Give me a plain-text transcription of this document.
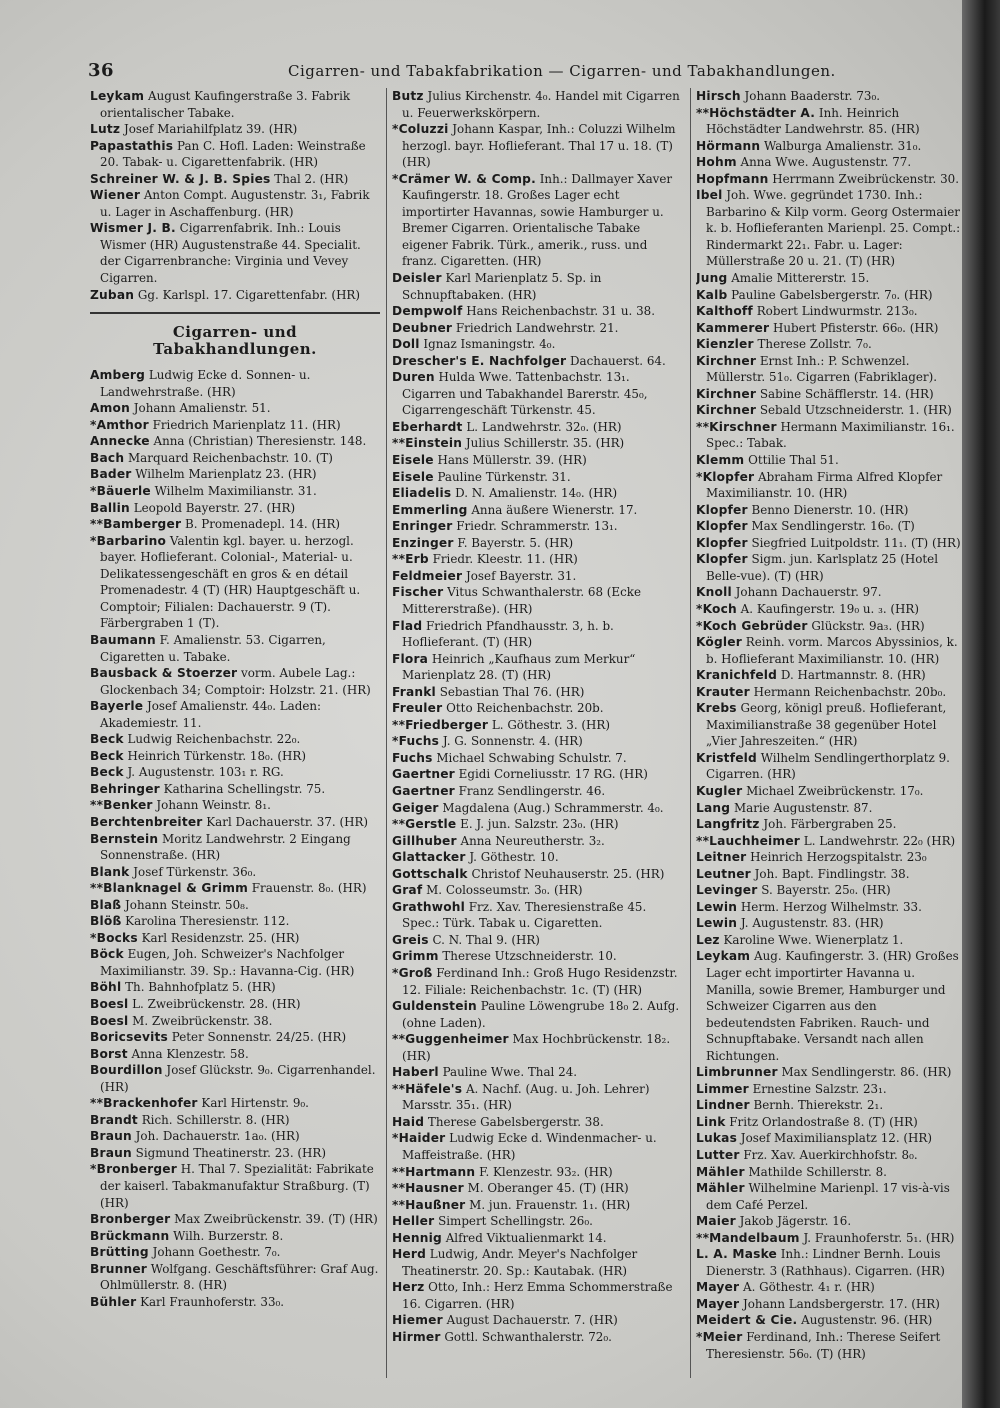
36	Cigarren- und Tabakfabrikation — Cigarren- und Tabakhandlungen.

Leykam August Kaufingerstraße 3. Fabrik orientalischer Tabake.

Lutz Josef Mariahilfplatz 39. (HR)

Papastathis Pan C. Hofl. Laden: Weinstraße 20. Tabak- u. Cigarettenfabrik. (HR)

Schreiner W. & J. B. Spies Thal 2. (HR)

Wiener Anton Compt. Augustenstr. 3₁, Fabrik u. Lager in Aschaffenburg. (HR)

Wismer J. B. Cigarrenfabrik. Inh.: Louis Wismer (HR) Augustenstraße 44. Specialit. der Cigarrenbranche: Virginia und Vevey Cigarren.

Zuban Gg. Karlspl. 17. Cigarettenfabr. (HR)

Cigarren- und Tabakhandlungen.

Amberg Ludwig Ecke d. Sonnen- u. Landwehrstraße. (HR)

Amon Johann Amalienstr. 51.

*Amthor Friedrich Marienplatz 11. (HR)

Annecke Anna (Christian) Theresienstr. 148.

Bach Marquard Reichenbachstr. 10. (T)

Bader Wilhelm Marienplatz 23. (HR)

*Bäuerle Wilhelm Maximilianstr. 31.

Ballin Leopold Bayerstr. 27. (HR)

**Bamberger B. Promenadepl. 14. (HR)

*Barbarino Valentin kgl. bayer. u. herzogl. bayer. Hoflieferant. Colonial-, Material- u. Delikatessengeschäft en gros & en détail Promenadestr. 4 (T) (HR) Hauptgeschäft u. Comptoir; Filialen: Dachauerstr. 9 (T). Färbergraben 1 (T).

Baumann F. Amalienstr. 53. Cigarren, Cigaretten u. Tabake.

Bausback & Stoerzer vorm. Aubele Lag.: Glockenbach 34; Comptoir: Holzstr. 21. (HR)

Bayerle Josef Amalienstr. 44₀. Laden: Akademiestr. 11.

Beck Ludwig Reichenbachstr. 22₀.

Beck Heinrich Türkenstr. 18₀. (HR)

Beck J. Augustenstr. 103₁ r. RG.

Behringer Katharina Schellingstr. 75.

**Benker Johann Weinstr. 8₁.

Berchtenbreiter Karl Dachauerstr. 37. (HR)

Bernstein Moritz Landwehrstr. 2 Eingang Sonnenstraße. (HR)

Blank Josef Türkenstr. 36₀.

**Blanknagel & Grimm Frauenstr. 8₀. (HR)

Blaß Johann Steinstr. 50₈.

Blöß Karolina Theresienstr. 112.

*Bocks Karl Residenzstr. 25. (HR)

Böck Eugen, Joh. Schweizer's Nachfolger Maximilianstr. 39. Sp.: Havanna-Cig. (HR)

Böhl Th. Bahnhofplatz 5. (HR)

Boesl L. Zweibrückenstr. 28. (HR)

Boesl M. Zweibrückenstr. 38.

Boricsevits Peter Sonnenstr. 24/25. (HR)

Borst Anna Klenzestr. 58.

Bourdillon Josef Glückstr. 9₀. Cigarrenhandel. (HR)

**Brackenhofer Karl Hirtenstr. 9₀.

Brandt Rich. Schillerstr. 8. (HR)

Braun Joh. Dachauerstr. 1a₀. (HR)

Braun Sigmund Theatinerstr. 23. (HR)

*Bronberger H. Thal 7. Spezialität: Fabrikate der kaiserl. Tabakmanufaktur Straßburg. (T) (HR)

Bronberger Max Zweibrückenstr. 39. (T) (HR)

Brückmann Wilh. Burzerstr. 8.

Brütting Johann Goethestr. 7₀.

Brunner Wolfgang. Geschäftsführer: Graf Aug. Ohlmüllerstr. 8. (HR)

Bühler Karl Fraunhoferstr. 33₀.

Butz Julius Kirchenstr. 4₀. Handel mit Cigarren u. Feuerwerkskörpern.

*Coluzzi Johann Kaspar, Inh.: Coluzzi Wilhelm herzogl. bayr. Hoflieferant. Thal 17 u. 18. (T) (HR)

*Crämer W. & Comp. Inh.: Dallmayer Xaver Kaufingerstr. 18. Großes Lager echt importirter Havannas, sowie Hamburger u. Bremer Cigarren. Orientalische Tabake eigener Fabrik. Türk., amerik., russ. und franz. Cigaretten. (HR)

Deisler Karl Marienplatz 5. Sp. in Schnupftabaken. (HR)

Dempwolf Hans Reichenbachstr. 31 u. 38.

Deubner Friedrich Landwehrstr. 21.

Doll Ignaz Ismaningstr. 4₀.

Drescher's E. Nachfolger Dachauerst. 64.

Duren Hulda Wwe. Tattenbachstr. 13₁. Cigarren und Tabakhandel Barerstr. 45₀, Cigarrengeschäft Türkenstr. 45.

Eberhardt L. Landwehrstr. 32₀. (HR)

**Einstein Julius Schillerstr. 35. (HR)

Eisele Hans Müllerstr. 39. (HR)

Eisele Pauline Türkenstr. 31.

Eliadelis D. N. Amalienstr. 14₀. (HR)

Emmerling Anna äußere Wienerstr. 17.

Enringer Friedr. Schrammerstr. 13₁.

Enzinger F. Bayerstr. 5. (HR)

**Erb Friedr. Kleestr. 11. (HR)

Feldmeier Josef Bayerstr. 31.

Fischer Vitus Schwanthalerstr. 68 (Ecke Mittererstraße). (HR)

Flad Friedrich Pfandhausstr. 3, h. b. Hoflieferant. (T) (HR)

Flora Heinrich „Kaufhaus zum Merkur“ Marienplatz 28. (T) (HR)

Frankl Sebastian Thal 76. (HR)

Freuler Otto Reichenbachstr. 20b.

**Friedberger L. Göthestr. 3. (HR)

*Fuchs J. G. Sonnenstr. 4. (HR)

Fuchs Michael Schwabing Schulstr. 7.

Gaertner Egidi Corneliusstr. 17 RG. (HR)

Gaertner Franz Sendlingerstr. 46.

Geiger Magdalena (Aug.) Schrammerstr. 4₀.

**Gerstle E. J. jun. Salzstr. 23₀. (HR)

Gillhuber Anna Neureutherstr. 3₂.

Glattacker J. Göthestr. 10.

Gottschalk Christof Neuhauserstr. 25. (HR)

Graf M. Colosseumstr. 3₀. (HR)

Grathwohl Frz. Xav. Theresienstraße 45. Spec.: Türk. Tabak u. Cigaretten.

Greis C. N. Thal 9. (HR)

Grimm Therese Utzschneiderstr. 10.

*Groß Ferdinand Inh.: Groß Hugo Residenzstr. 12. Filiale: Reichenbachstr. 1c. (T) (HR)

Guldenstein Pauline Löwengrube 18₀ 2. Aufg. (ohne Laden).

**Guggenheimer Max Hochbrückenstr. 18₂. (HR)

Haberl Pauline Wwe. Thal 24.

**Häfele's A. Nachf. (Aug. u. Joh. Lehrer) Marsstr. 35₁. (HR)

Haid Therese Gabelsbergerstr. 38.

*Haider Ludwig Ecke d. Windenmacher- u. Maffeistraße. (HR)

**Hartmann F. Klenzestr. 93₂. (HR)

**Hausner M. Oberanger 45. (T) (HR)

**Haußner M. jun. Frauenstr. 1₁. (HR)

Heller Simpert Schellingstr. 26₀.

Hennig Alfred Viktualienmarkt 14.

Herd Ludwig, Andr. Meyer's Nachfolger Theatinerstr. 20. Sp.: Kautabak. (HR)

Herz Otto, Inh.: Herz Emma Schommerstraße 16. Cigarren. (HR)

Hiemer August Dachauerstr. 7. (HR)

Hirmer Gottl. Schwanthalerstr. 72₀.

Hirsch Johann Baaderstr. 73₀.

**Höchstädter A. Inh. Heinrich Höchstädter Landwehrstr. 85. (HR)

Hörmann Walburga Amalienstr. 31₀.

Hohm Anna Wwe. Augustenstr. 77.

Hopfmann Herrmann Zweibrückenstr. 30.

Ibel Joh. Wwe. gegründet 1730. Inh.: Barbarino & Kilp vorm. Georg Ostermaier k. b. Hoflieferanten Marienpl. 25. Compt.: Rindermarkt 22₁. Fabr. u. Lager: Müllerstraße 20 u. 21. (T) (HR)

Jung Amalie Mittererstr. 15.

Kalb Pauline Gabelsbergerstr. 7₀. (HR)

Kalthoff Robert Lindwurmstr. 213₀.

Kammerer Hubert Pfisterstr. 66₀. (HR)

Kienzler Therese Zollstr. 7₀.

Kirchner Ernst Inh.: P. Schwenzel. Müllerstr. 51₀. Cigarren (Fabriklager).

Kirchner Sabine Schäfflerstr. 14. (HR)

Kirchner Sebald Utzschneiderstr. 1. (HR)

**Kirschner Hermann Maximilianstr. 16₁. Spec.: Tabak.

Klemm Ottilie Thal 51.

*Klopfer Abraham Firma Alfred Klopfer Maximilianstr. 10. (HR)

Klopfer Benno Dienerstr. 10. (HR)

Klopfer Max Sendlingerstr. 16₀. (T)

Klopfer Siegfried Luitpoldstr. 11₁. (T) (HR)

Klopfer Sigm. jun. Karlsplatz 25 (Hotel Belle-vue). (T) (HR)

Knoll Johann Dachauerstr. 97.

*Koch A. Kaufingerstr. 19₀ u. ₃. (HR)

*Koch Gebrüder Glückstr. 9a₃. (HR)

Kögler Reinh. vorm. Marcos Abyssinios, k. b. Hoflieferant Maximilianstr. 10. (HR)

Kranichfeld D. Hartmannstr. 8. (HR)

Krauter Hermann Reichenbachstr. 20b₀.

Krebs Georg, königl preuß. Hoflieferant, Maximilianstraße 38 gegenüber Hotel „Vier Jahreszeiten.“ (HR)

Kristfeld Wilhelm Sendlingerthorplatz 9. Cigarren. (HR)

Kugler Michael Zweibrückenstr. 17₀.

Lang Marie Augustenstr. 87.

Langfritz Joh. Färbergraben 25.

**Lauchheimer L. Landwehrstr. 22₀ (HR)

Leitner Heinrich Herzogspitalstr. 23₀

Leutner Joh. Bapt. Findlingstr. 38.

Levinger S. Bayerstr. 25₀. (HR)

Lewin Herm. Herzog Wilhelmstr. 33.

Lewin J. Augustenstr. 83. (HR)

Lez Karoline Wwe. Wienerplatz 1.

Leykam Aug. Kaufingerstr. 3. (HR) Großes Lager echt importirter Havanna u. Manilla, sowie Bremer, Hamburger und Schweizer Cigarren aus den bedeutendsten Fabriken. Rauch- und Schnupftabake. Versandt nach allen Richtungen.

Limbrunner Max Sendlingerstr. 86. (HR)

Limmer Ernestine Salzstr. 23₁.

Lindner Bernh. Thierekstr. 2₁.

Link Fritz Orlandostraße 8. (T) (HR)

Lukas Josef Maximiliansplatz 12. (HR)

Lutter Frz. Xav. Auerkirchhofstr. 8₀.

Mähler Mathilde Schillerstr. 8.

Mähler Wilhelmine Marienpl. 17 vis-à-vis dem Café Perzel.

Maier Jakob Jägerstr. 16.

**Mandelbaum J. Fraunhoferstr. 5₁. (HR)

L. A. Maske Inh.: Lindner Bernh. Louis Dienerstr. 3 (Rathhaus). Cigarren. (HR)

Mayer A. Göthestr. 4₁ r. (HR)

Mayer Johann Landsbergerstr. 17. (HR)

Meidert & Cie. Augustenstr. 96. (HR)

*Meier Ferdinand, Inh.: Therese Seifert Theresienstr. 56₀. (T) (HR)
